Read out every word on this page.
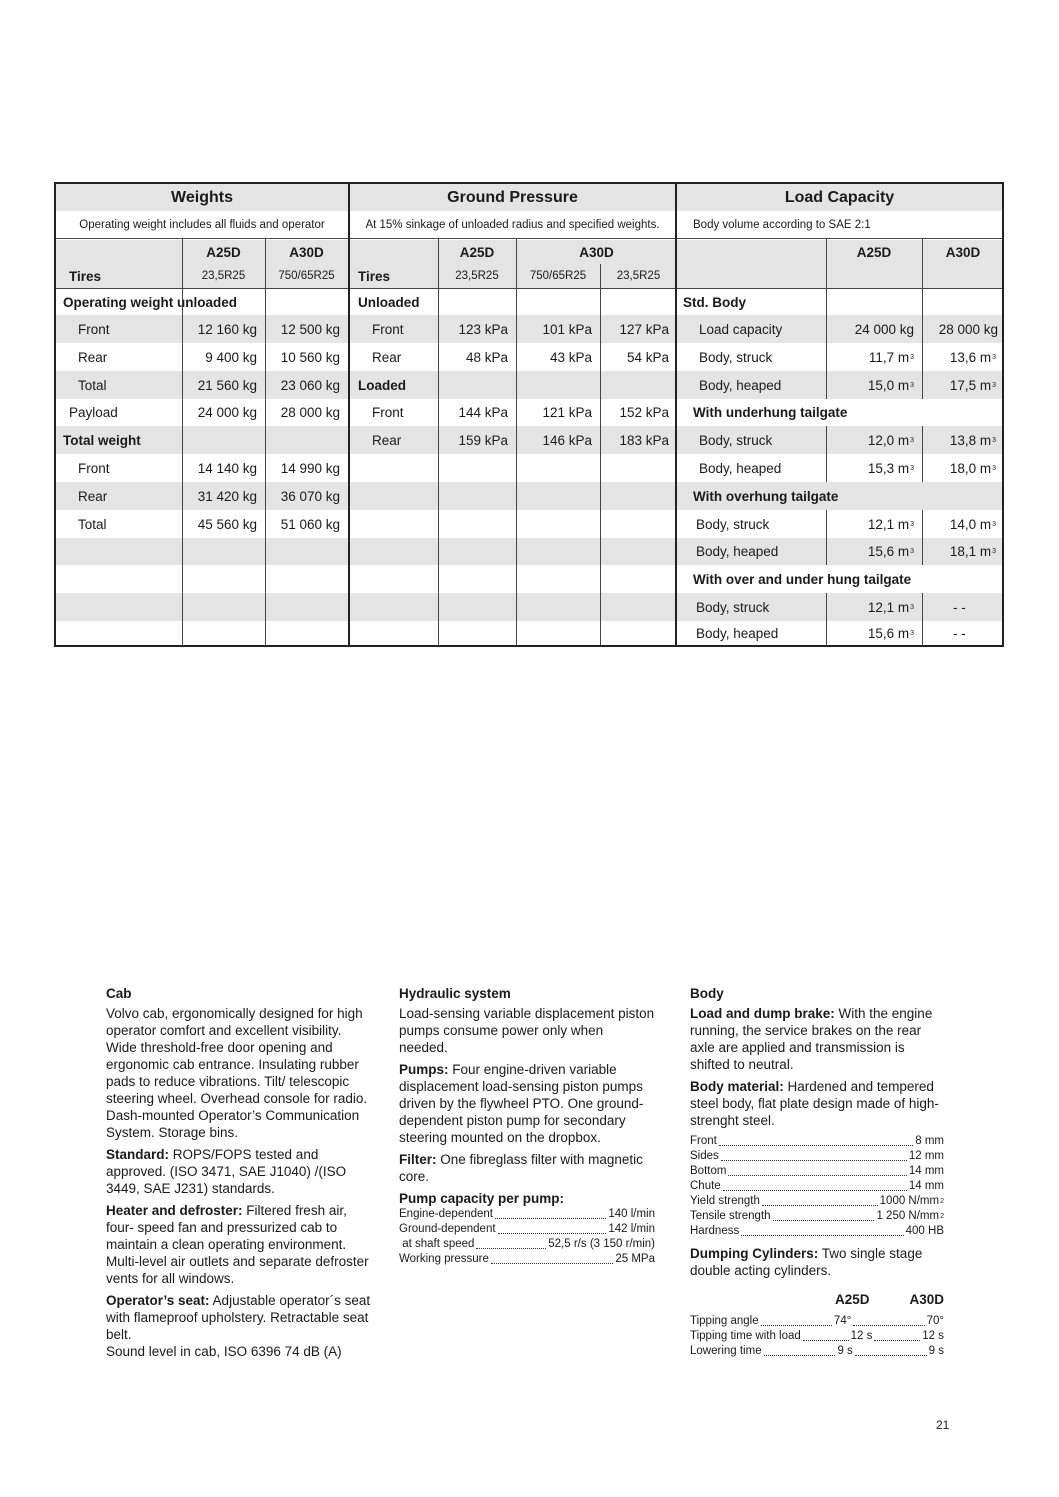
Weights
Operating weight includes all fluids and operator
A25D	A30D
Tires	23,5R25	750/65R25
Operating weight unloaded
Front	12 160 kg	12 500 kg
Rear	9 400 kg	10 560 kg
Total	21 560 kg	23 060 kg
Payload	24 000 kg	28 000 kg
Total weight
Front	14 140 kg	14 990 kg
Rear	31 420 kg	36 070 kg
Total	45 560 kg	51 060 kg
Ground Pressure
At 15% sinkage of unloaded radius and specified weights.
A25D	A30D
Tires	23,5R25	750/65R25	23,5R25
Unloaded
Front	123 kPa	101 kPa	127 kPa
Rear	48 kPa	43 kPa	54 kPa
Loaded
Front	144 kPa	121 kPa	152 kPa
Rear	159 kPa	146 kPa	183 kPa
Load Capacity
Body volume according to SAE 2:1
A25D	A30D
Std. Body
Load capacity	24 000 kg	28 000 kg
Body, struck	11,7 m 3	13,6 m 3
Body, heaped	15,0 m 3	17,5 m 3
With underhung tailgate
Body, struck	12,0 m 3	13,8 m 3
Body, heaped	15,3 m 3	18,0 m 3
With overhung tailgate
Body, struck	12,1 m 3	14,0 m 3
Body, heaped	15,6 m 3	18,1 m 3
With over and under hung tailgate
Body, struck	12,1 m 3	- -
Body, heaped	15,6 m 3	- -
Cab

Volvo cab, ergonomically designed for high operator comfort and excellent visibility. Wide threshold-free door opening and ergonomic cab entrance. Insulating rubber pads to reduce vibrations. Tilt/ telescopic steering wheel. Overhead console for radio. Dash-mounted Operator’s Communication System. Storage bins.

Standard: ROPS/FOPS tested and approved. (ISO 3471, SAE J1040) /(ISO 3449, SAE J231) standards.

Heater and defroster: Filtered fresh air, four- speed fan and pressurized cab to maintain a clean operating environment. Multi-level air outlets and separate defroster vents for all windows.

Operator’s seat: Adjustable operator´s seat with flameproof upholstery. Retractable seat belt.

Sound level in cab, ISO 6396 74 dB (A)

Hydraulic system

Load-sensing variable displacement piston pumps consume power only when needed.

Pumps: Four engine-driven variable displacement load-sensing piston pumps driven by the flywheel PTO. One ground-dependent piston pump for secondary steering mounted on the dropbox.

Filter: One fibreglass filter with magnetic core.

Pump capacity per pump:
Engine-dependent	140 l/min
Ground-dependent	142 l/min
at shaft speed	52,5 r/s (3 150 r/min)
Working pressure	25 MPa
Body

Load and dump brake: With the engine running, the service brakes on the rear axle are applied and transmission is shifted to neutral.

Body material: Hardened and tempered steel body, flat plate design made of high-strenght steel.

Front	8 mm
Sides	12 mm
Bottom	14 mm
Chute	14 mm
Yield strength	1000 N/mm 2
Tensile strength	1 250 N/mm 2
Hardness	400 HB

Dumping Cylinders: Two single stage double acting cylinders.

A25D	A30D
Tipping angle	74°	70°
Tipping time with load	12 s	12 s
Lowering time	9 s	9 s
21
